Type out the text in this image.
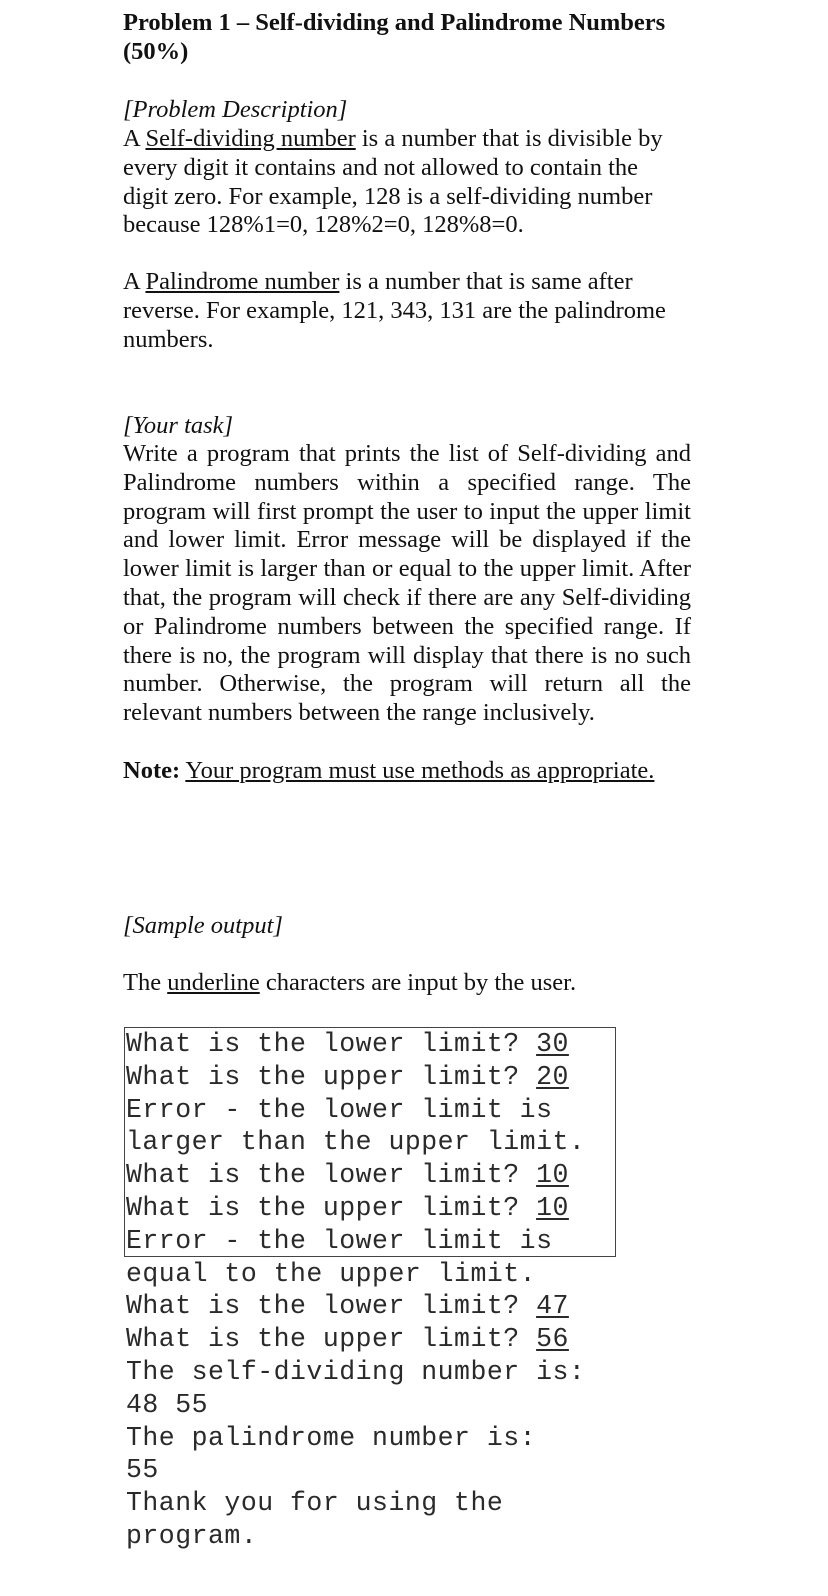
Problem 1 – Self-dividing and Palindrome Numbers (50%)
[Problem Description]
A Self-dividing number is a number that is divisible by every digit it contains and not allowed to contain the digit zero. For example, 128 is a self-dividing number because 128%1=0, 128%2=0, 128%8=0.
A Palindrome number is a number that is same after reverse. For example, 121, 343, 131 are the palindrome numbers.
[Your task]
Write a program that prints the list of Self-dividing and Palindrome numbers within a specified range. The program will first prompt the user to input the upper limit and lower limit. Error message will be displayed if the lower limit is larger than or equal to the upper limit. After that, the program will check if there are any Self-dividing or Palindrome numbers between the specified range. If there is no, the program will display that there is no such number. Otherwise, the program will return all the relevant numbers between the range inclusively.
Note: Your program must use methods as appropriate.
[Sample output]
The underline characters are input by the user.
What is the lower limit? 30
What is the upper limit? 20
Error - the lower limit is
larger than the upper limit.
What is the lower limit? 10
What is the upper limit? 10
Error - the lower limit is
equal to the upper limit.
What is the lower limit? 47
What is the upper limit? 56
The self-dividing number is:
48 55
The palindrome number is:
55
Thank you for using the
program.
